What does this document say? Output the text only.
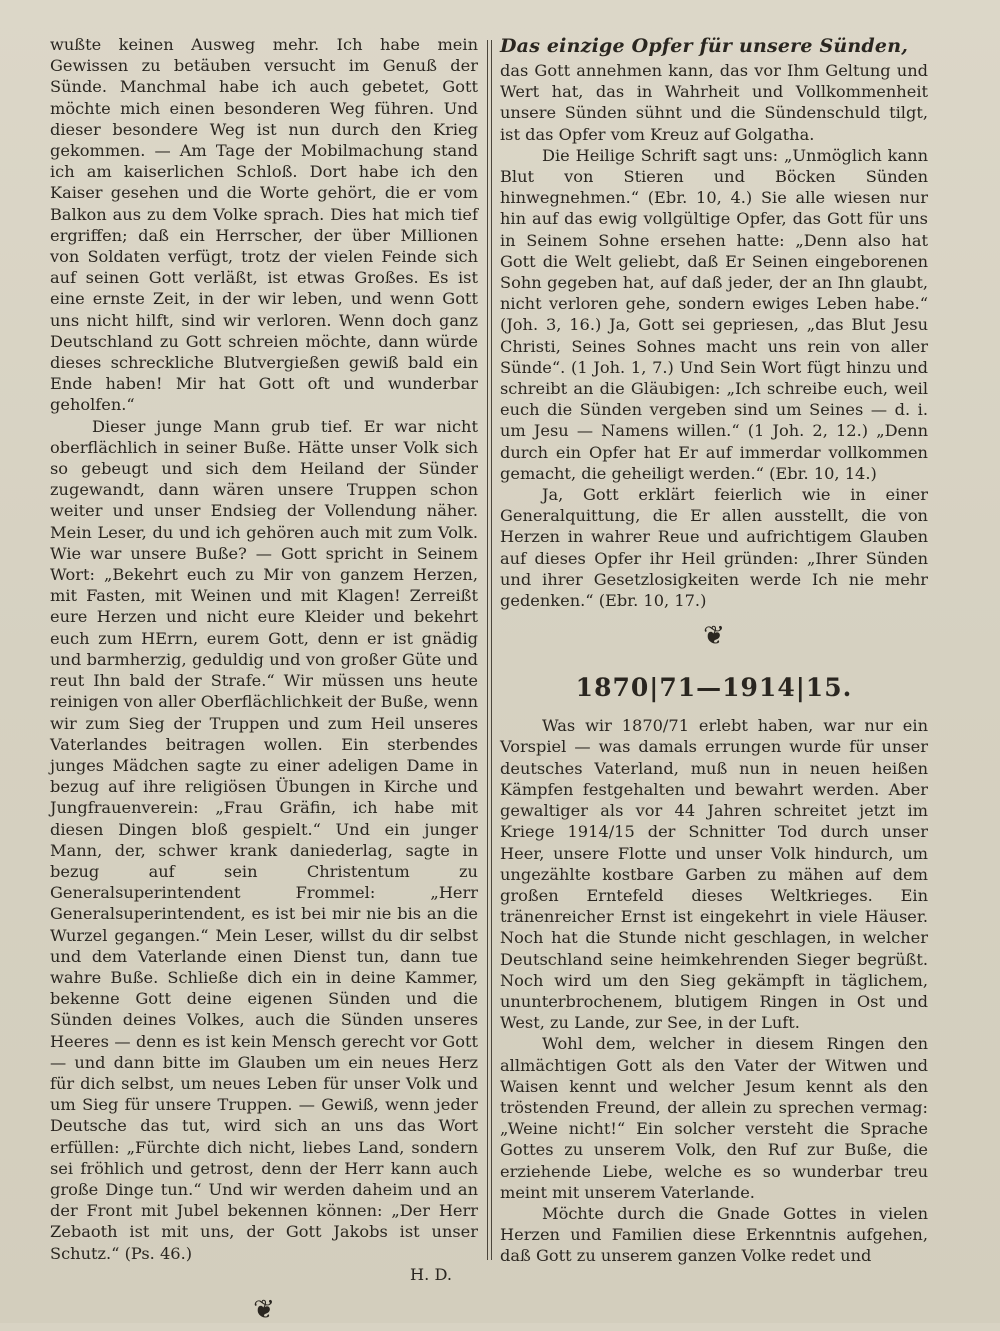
wußte keinen Ausweg mehr. Ich habe mein Gewissen zu betäuben versucht im Genuß der Sünde. Manchmal habe ich auch gebetet, Gott möchte mich einen besonderen Weg führen. Und dieser besondere Weg ist nun durch den Krieg gekommen. — Am Tage der Mobilmachung stand ich am kaiserlichen Schloß. Dort habe ich den Kaiser gesehen und die Worte gehört, die er vom Balkon aus zu dem Volke sprach. Dies hat mich tief ergriffen; daß ein Herrscher, der über Millionen von Soldaten verfügt, trotz der vielen Feinde sich auf seinen Gott verläßt, ist etwas Großes. Es ist eine ernste Zeit, in der wir leben, und wenn Gott uns nicht hilft, sind wir verloren. Wenn doch ganz Deutschland zu Gott schreien möchte, dann würde dieses schreckliche Blutvergießen gewiß bald ein Ende haben! Mir hat Gott oft und wunderbar geholfen.“

Dieser junge Mann grub tief. Er war nicht oberflächlich in seiner Buße. Hätte unser Volk sich so gebeugt und sich dem Heiland der Sünder zugewandt, dann wären unsere Truppen schon weiter und unser Endsieg der Vollendung näher. Mein Leser, du und ich gehören auch mit zum Volk. Wie war unsere Buße? — Gott spricht in Seinem Wort: „Bekehrt euch zu Mir von ganzem Herzen, mit Fasten, mit Weinen und mit Klagen! Zerreißt eure Herzen und nicht eure Kleider und bekehrt euch zum HErrn, eurem Gott, denn er ist gnädig und barmherzig, geduldig und von großer Güte und reut Ihn bald der Strafe.“ Wir müssen uns heute reinigen von aller Oberflächlichkeit der Buße, wenn wir zum Sieg der Truppen und zum Heil unseres Vaterlandes beitragen wollen. Ein sterbendes junges Mädchen sagte zu einer adeligen Dame in bezug auf ihre religiösen Übungen in Kirche und Jungfrauenverein: „Frau Gräfin, ich habe mit diesen Dingen bloß gespielt.“ Und ein junger Mann, der, schwer krank daniederlag, sagte in bezug auf sein Christentum zu Generalsuperintendent Frommel: „Herr Generalsuperintendent, es ist bei mir nie bis an die Wurzel gegangen.“ Mein Leser, willst du dir selbst und dem Vaterlande einen Dienst tun, dann tue wahre Buße. Schließe dich ein in deine Kammer, bekenne Gott deine eigenen Sünden und die Sünden deines Volkes, auch die Sünden unseres Heeres — denn es ist kein Mensch gerecht vor Gott — und dann bitte im Glauben um ein neues Herz für dich selbst, um neues Leben für unser Volk und um Sieg für unsere Truppen. — Gewiß, wenn jeder Deutsche das tut, wird sich an uns das Wort erfüllen: „Fürchte dich nicht, liebes Land, sondern sei fröhlich und getrost, denn der Herr kann auch große Dinge tun.“ Und wir werden daheim und an der Front mit Jubel bekennen können: „Der Herr Zebaoth ist mit uns, der Gott Jakobs ist unser Schutz.“ (Ps. 46.)

H. D.

❦
Das einzige Opfer für unsere Sünden,

das Gott annehmen kann, das vor Ihm Geltung und Wert hat, das in Wahrheit und Vollkommenheit unsere Sünden sühnt und die Sündenschuld tilgt, ist das Opfer vom Kreuz auf Golgatha.

Die Heilige Schrift sagt uns: „Unmöglich kann Blut von Stieren und Böcken Sünden hinwegnehmen.“ (Ebr. 10, 4.) Sie alle wiesen nur hin auf das ewig vollgültige Opfer, das Gott für uns in Seinem Sohne ersehen hatte: „Denn also hat Gott die Welt geliebt, daß Er Seinen eingeborenen Sohn gegeben hat, auf daß jeder, der an Ihn glaubt, nicht verloren gehe, sondern ewiges Leben habe.“ (Joh. 3, 16.) Ja, Gott sei gepriesen, „das Blut Jesu Christi, Seines Sohnes macht uns rein von aller Sünde“. (1 Joh. 1, 7.) Und Sein Wort fügt hinzu und schreibt an die Gläubigen: „Ich schreibe euch, weil euch die Sünden vergeben sind um Seines — d. i. um Jesu — Namens willen.“ (1 Joh. 2, 12.) „Denn durch ein Opfer hat Er auf immerdar vollkommen gemacht, die geheiligt werden.“ (Ebr. 10, 14.)

Ja, Gott erklärt feierlich wie in einer Generalquittung, die Er allen ausstellt, die von Herzen in wahrer Reue und aufrichtigem Glauben auf dieses Opfer ihr Heil gründen: „Ihrer Sünden und ihrer Gesetzlosigkeiten werde Ich nie mehr gedenken.“ (Ebr. 10, 17.)

❦
1870|71—1914|15.

Was wir 1870/71 erlebt haben, war nur ein Vorspiel — was damals errungen wurde für unser deutsches Vaterland, muß nun in neuen heißen Kämpfen festgehalten und bewahrt werden. Aber gewaltiger als vor 44 Jahren schreitet jetzt im Kriege 1914/15 der Schnitter Tod durch unser Heer, unsere Flotte und unser Volk hindurch, um ungezählte kostbare Garben zu mähen auf dem großen Erntefeld dieses Weltkrieges. Ein tränenreicher Ernst ist eingekehrt in viele Häuser. Noch hat die Stunde nicht geschlagen, in welcher Deutschland seine heimkehrenden Sieger begrüßt. Noch wird um den Sieg gekämpft in täglichem, ununterbrochenem, blutigem Ringen in Ost und West, zu Lande, zur See, in der Luft.

Wohl dem, welcher in diesem Ringen den allmächtigen Gott als den Vater der Witwen und Waisen kennt und welcher Jesum kennt als den tröstenden Freund, der allein zu sprechen vermag: „Weine nicht!“ Ein solcher versteht die Sprache Gottes zu unserem Volk, den Ruf zur Buße, die erziehende Liebe, welche es so wunderbar treu meint mit unserem Vaterlande.

Möchte durch die Gnade Gottes in vielen Herzen und Familien diese Erkenntnis aufgehen, daß Gott zu unserem ganzen Volke redet und
